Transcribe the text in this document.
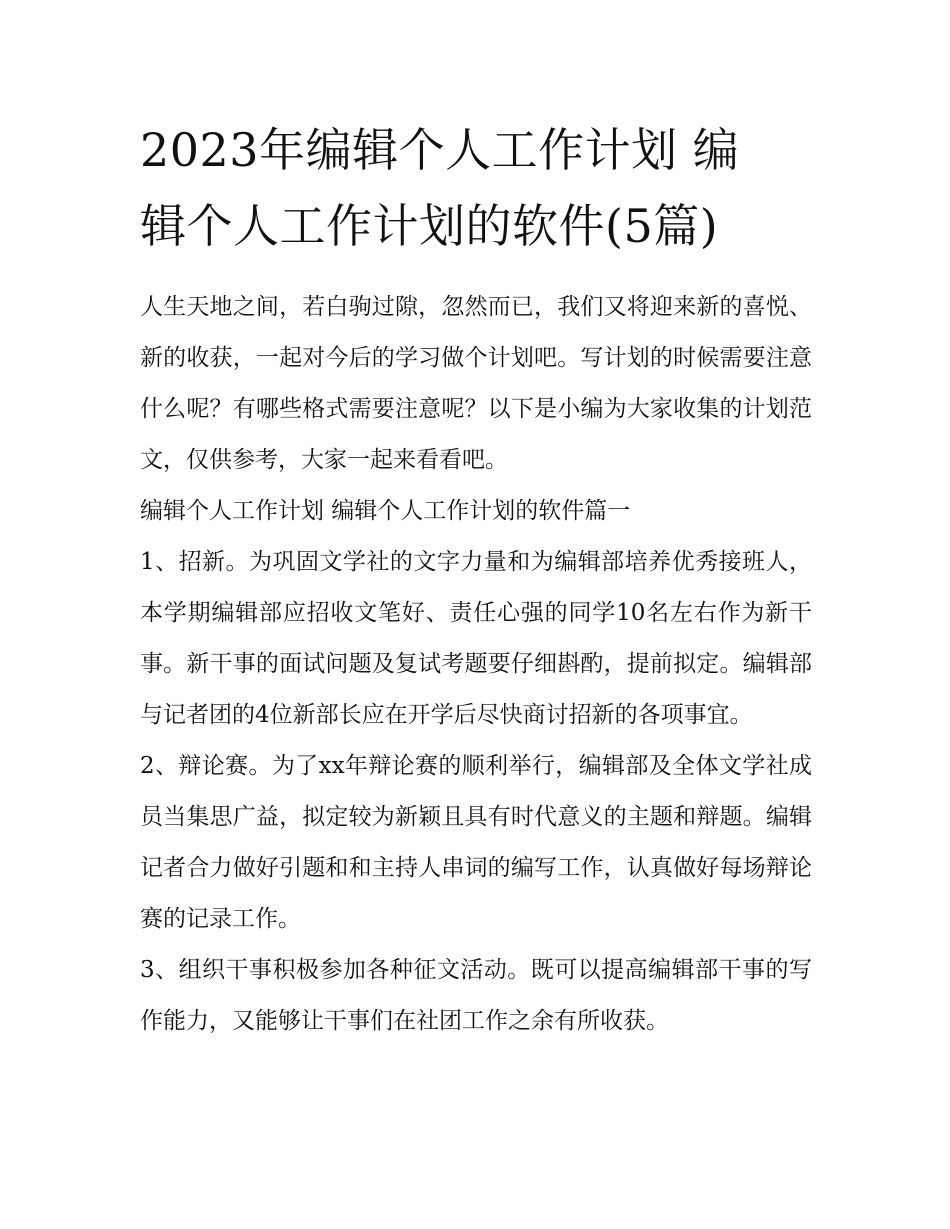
2023年编辑个人工作计划 编
辑个人工作计划的软件(5篇)

人生天地之间，若白驹过隙，忽然而已，我们又将迎来新的喜悦、新的收获，一起对今后的学习做个计划吧。写计划的时候需要注意什么呢？有哪些格式需要注意呢？以下是小编为大家收集的计划范文，仅供参考，大家一起来看看吧。

编辑个人工作计划 编辑个人工作计划的软件篇一

1、招新。为巩固文学社的文字力量和为编辑部培养优秀接班人，本学期编辑部应招收文笔好、责任心强的同学10名左右作为新干事。新干事的面试问题及复试考题要仔细斟酌，提前拟定。编辑部与记者团的4位新部长应在开学后尽快商讨招新的各项事宜。

2、辩论赛。为了xx年辩论赛的顺利举行，编辑部及全体文学社成员当集思广益，拟定较为新颖且具有时代意义的主题和辩题。编辑记者合力做好引题和和主持人串词的编写工作，认真做好每场辩论赛的记录工作。

3、组织干事积极参加各种征文活动。既可以提高编辑部干事的写作能力，又能够让干事们在社团工作之余有所收获。
